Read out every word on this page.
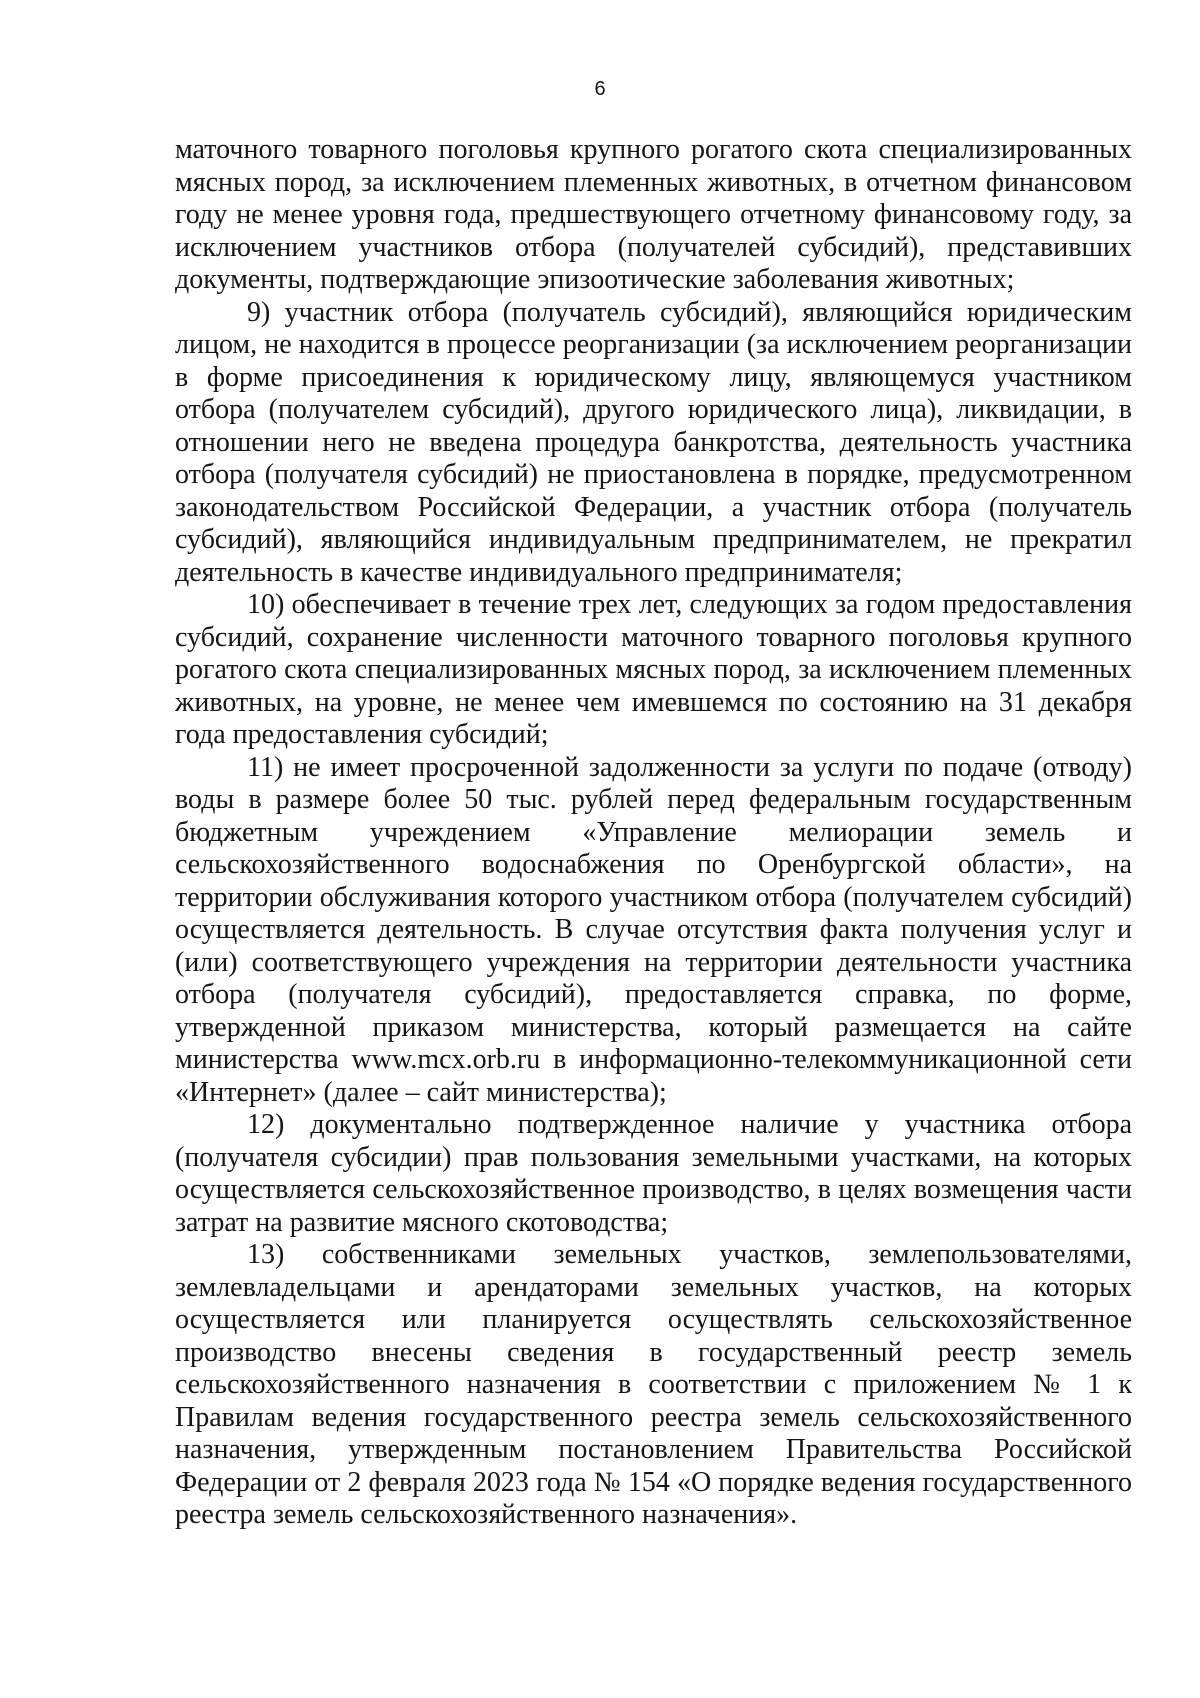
6

маточного товарного поголовья крупного рогатого скота специализированных мясных пород, за исключением племенных животных, в отчетном финансовом году не менее уровня года, предшествующего отчетному финансовому году, за исключением участников отбора (получателей субсидий), представивших документы, подтверждающие эпизоотические заболевания животных;

9) участник отбора (получатель субсидий), являющийся юридическим лицом, не находится в процессе реорганизации (за исключением реорганизации в форме присоединения к юридическому лицу, являющемуся участником отбора (получателем субсидий), другого юридического лица), ликвидации, в отношении него не введена процедура банкротства, деятельность участника отбора (получателя субсидий) не приостановлена в порядке, предусмотренном законодательством Российской Федерации, а участник отбора (получатель субсидий), являющийся индивидуальным предпринимателем, не прекратил деятельность в качестве индивидуального предпринимателя;

10) обеспечивает в течение трех лет, следующих за годом предоставления субсидий, сохранение численности маточного товарного поголовья крупного рогатого скота специализированных мясных пород, за исключением племенных животных, на уровне, не менее чем имевшемся по состоянию на 31 декабря года предоставления субсидий;

11) не имеет просроченной задолженности за услуги по подаче (отводу) воды в размере более 50 тыс. рублей перед федеральным государственным бюджетным учреждением «Управление мелиорации земель и сельскохозяйственного водоснабжения по Оренбургской области», на территории обслуживания которого участником отбора (получателем субсидий) осуществляется деятельность. В случае отсутствия факта получения услуг и (или) соответствующего учреждения на территории деятельности участника отбора (получателя субсидий), предоставляется справка, по форме, утвержденной приказом министерства, который размещается на сайте министерства www.mcx.orb.ru в информационно-телекоммуникационной сети «Интернет» (далее – сайт министерства);

12) документально подтвержденное наличие у участника отбора (получателя субсидии) прав пользования земельными участками, на которых осуществляется сельскохозяйственное производство, в целях возмещения части затрат на развитие мясного скотоводства;

13) собственниками земельных участков, землепользователями, землевладельцами и арендаторами земельных участков, на которых осуществляется или планируется осуществлять сельскохозяйственное производство внесены сведения в государственный реестр земель сельскохозяйственного назначения в соответствии с приложением № 1 к Правилам ведения государственного реестра земель сельскохозяйственного назначения, утвержденным постановлением Правительства Российской Федерации от 2 февраля 2023 года № 154 «О порядке ведения государственного реестра земель сельскохозяйственного назначения».
